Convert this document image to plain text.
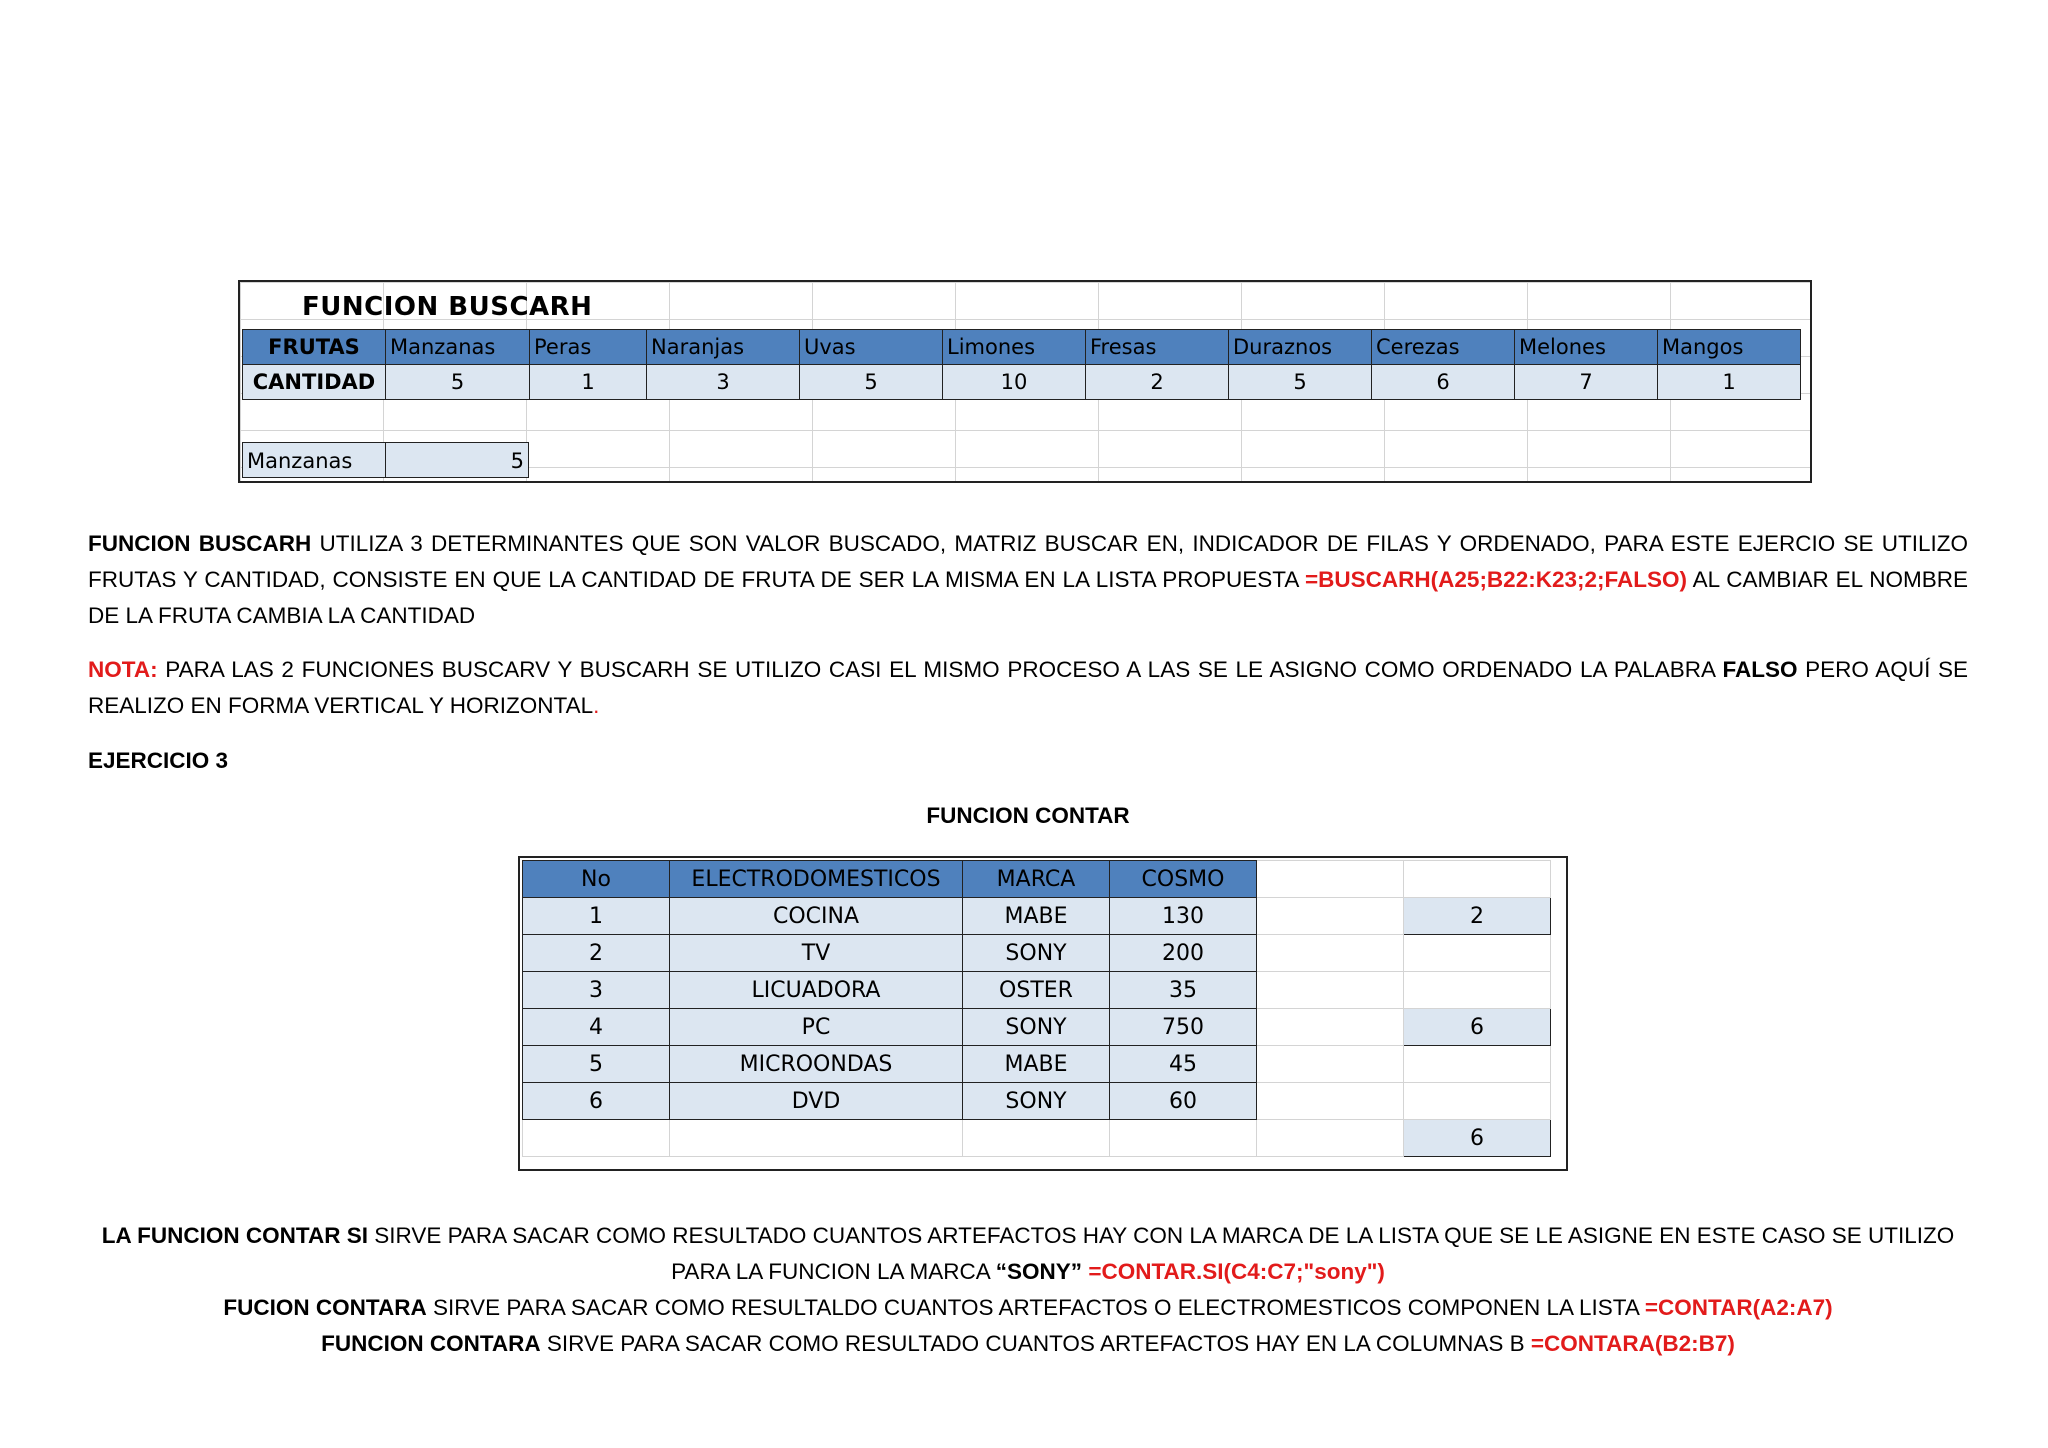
FUNCION BUSCARH
FRUTAS	Manzanas	Peras	Naranjas	Uvas	Limones	Fresas	Duraznos	Cerezas	Melones	Mangos
CANTIDAD	5	1	3	5	10	2	5	6	7	1
Manzanas	5
FUNCION BUSCARH UTILIZA 3 DETERMINANTES QUE SON VALOR BUSCADO, MATRIZ BUSCAR EN, INDICADOR DE FILAS Y ORDENADO, PARA ESTE EJERCIO SE UTILIZO FRUTAS Y CANTIDAD, CONSISTE EN QUE LA CANTIDAD DE FRUTA DE SER LA MISMA EN LA LISTA PROPUESTA =BUSCARH(A25;B22:K23;2;FALSO) AL CAMBIAR EL NOMBRE DE LA FRUTA CAMBIA LA CANTIDAD
NOTA: PARA LAS 2 FUNCIONES BUSCARV Y BUSCARH SE UTILIZO CASI EL MISMO PROCESO A LAS SE LE ASIGNO COMO ORDENADO LA PALABRA FALSO PERO AQUÍ SE REALIZO EN FORMA VERTICAL Y HORIZONTAL.
EJERCICIO 3
FUNCION CONTAR
No	ELECTRODOMESTICOS	MARCA	COSMO		
1	COCINA	MABE	130		2
2	TV	SONY	200		
3	LICUADORA	OSTER	35		
4	PC	SONY	750		6
5	MICROONDAS	MABE	45		
6	DVD	SONY	60		
					6
LA FUNCION CONTAR SI SIRVE PARA SACAR COMO RESULTADO CUANTOS ARTEFACTOS HAY CON LA MARCA DE LA LISTA QUE SE LE ASIGNE EN ESTE CASO SE UTILIZO PARA LA FUNCION LA MARCA “SONY” =CONTAR.SI(C4:C7;"sony")
FUCION CONTARA SIRVE PARA SACAR COMO RESULTALDO CUANTOS ARTEFACTOS O ELECTROMESTICOS COMPONEN LA LISTA =CONTAR(A2:A7)
FUNCION CONTARA SIRVE PARA SACAR COMO RESULTADO CUANTOS ARTEFACTOS HAY EN LA COLUMNAS B =CONTARA(B2:B7)
